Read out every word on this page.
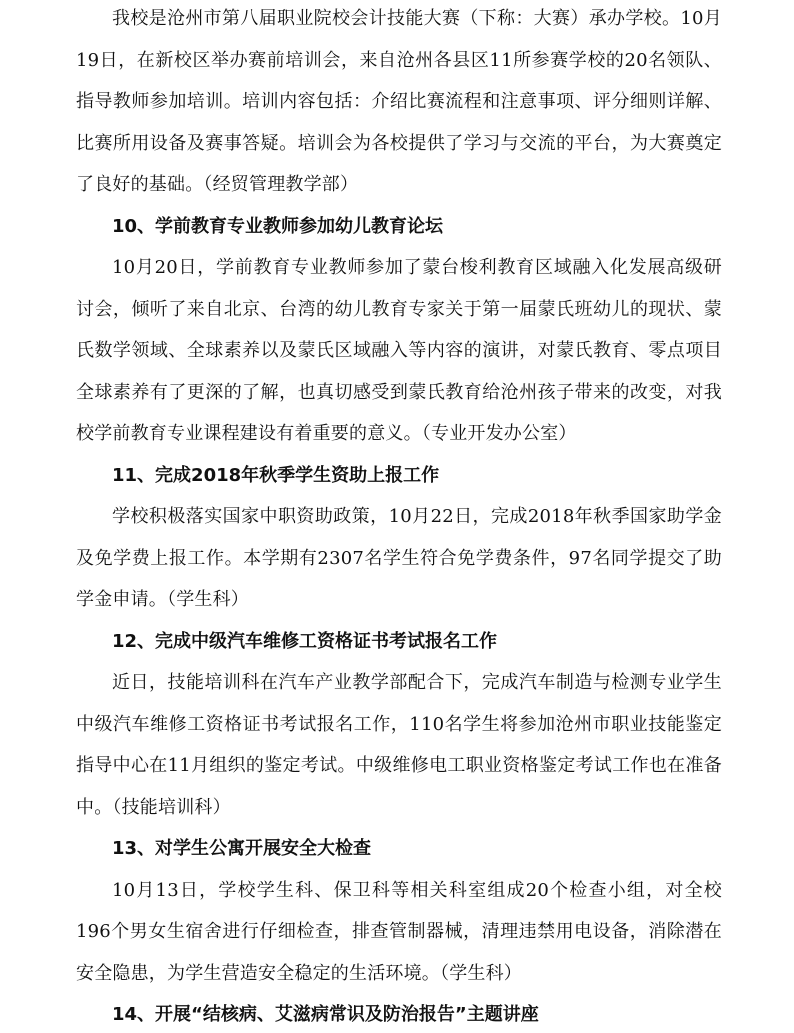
我校是沧州市第八届职业院校会计技能大赛（下称：大赛）承办学校。10月19日，在新校区举办赛前培训会，来自沧州各县区11所参赛学校的20名领队、指导教师参加培训。培训内容包括：介绍比赛流程和注意事项、评分细则详解、比赛所用设备及赛事答疑。培训会为各校提供了学习与交流的平台，为大赛奠定了良好的基础。（经贸管理教学部）

10、学前教育专业教师参加幼儿教育论坛

10月20日，学前教育专业教师参加了蒙台梭利教育区域融入化发展高级研讨会，倾听了来自北京、台湾的幼儿教育专家关于第一届蒙氏班幼儿的现状、蒙氏数学领域、全球素养以及蒙氏区域融入等内容的演讲，对蒙氏教育、零点项目全球素养有了更深的了解，也真切感受到蒙氏教育给沧州孩子带来的改变，对我校学前教育专业课程建设有着重要的意义。（专业开发办公室）

11、完成2018年秋季学生资助上报工作

学校积极落实国家中职资助政策，10月22日，完成2018年秋季国家助学金及免学费上报工作。本学期有2307名学生符合免学费条件，97名同学提交了助学金申请。（学生科）

12、完成中级汽车维修工资格证书考试报名工作

近日，技能培训科在汽车产业教学部配合下，完成汽车制造与检测专业学生中级汽车维修工资格证书考试报名工作，110名学生将参加沧州市职业技能鉴定指导中心在11月组织的鉴定考试。中级维修电工职业资格鉴定考试工作也在准备中。（技能培训科）

13、对学生公寓开展安全大检查

10月13日，学校学生科、保卫科等相关科室组成20个检查小组，对全校196个男女生宿舍进行仔细检查，排查管制器械，清理违禁用电设备，消除潜在安全隐患，为学生营造安全稳定的生活环境。（学生科）

14、开展“结核病、艾滋病常识及防治报告”主题讲座
